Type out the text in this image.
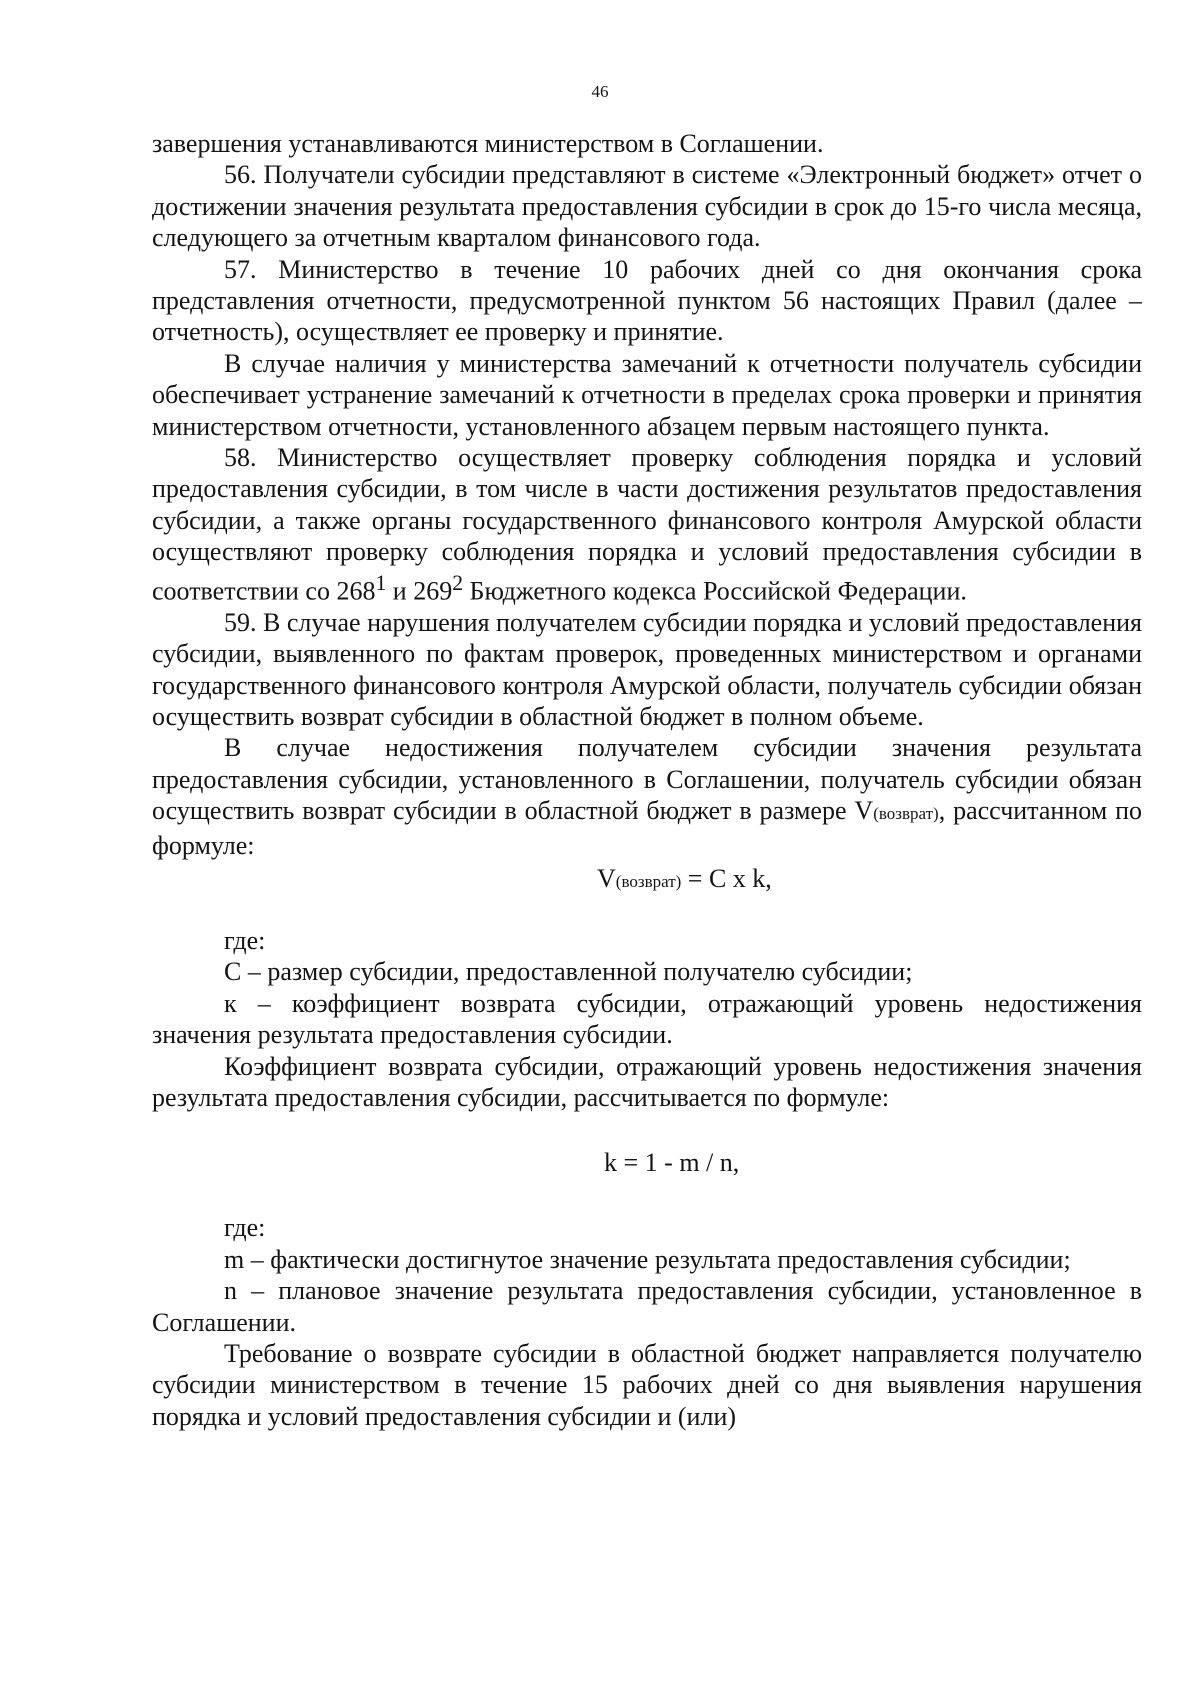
46

завершения устанавливаются министерством в Соглашении.

56. Получатели субсидии представляют в системе «Электронный бюджет» отчет о достижении значения результата предоставления субсидии в срок до 15-го числа месяца, следующего за отчетным кварталом финансового года.

57. Министерство в течение 10 рабочих дней со дня окончания срока представления отчетности, предусмотренной пунктом 56 настоящих Правил (далее – отчетность), осуществляет ее проверку и принятие.

В случае наличия у министерства замечаний к отчетности получатель субсидии обеспечивает устранение замечаний к отчетности в пределах срока проверки и принятия министерством отчетности, установленного абзацем первым настоящего пункта.

58. Министерство осуществляет проверку соблюдения порядка и условий предоставления субсидии, в том числе в части достижения результатов предоставления субсидии, а также органы государственного финансового контроля Амурской области осуществляют проверку соблюдения порядка и условий предоставления субсидии в соответствии со $268^1$ и $269^2$ Бюджетного кодекса Российской Федерации.

59. В случае нарушения получателем субсидии порядка и условий предоставления субсидии, выявленного по фактам проверок, проведенных министерством и органами государственного финансового контроля Амурской области, получатель субсидии обязан осуществить возврат субсидии в областной бюджет в полном объеме.

В случае недостижения получателем субсидии значения результата предоставления субсидии, установленного в Соглашении, получатель субсидии обязан осуществить возврат субсидии в областной бюджет в размере V(возврат), рассчитанном по формуле:

V(возврат) = C x k,

где:

С – размер субсидии, предоставленной получателю субсидии;

к – коэффициент возврата субсидии, отражающий уровень недостижения значения результата предоставления субсидии.

Коэффициент возврата субсидии, отражающий уровень недостижения значения результата предоставления субсидии, рассчитывается по формуле:

k = 1 - m / n,

где:

m – фактически достигнутое значение результата предоставления субсидии;

n – плановое значение результата предоставления субсидии, установленное в Соглашении.

Требование о возврате субсидии в областной бюджет направляется получателю субсидии министерством в течение 15 рабочих дней со дня выявления нарушения порядка и условий предоставления субсидии и (или)
